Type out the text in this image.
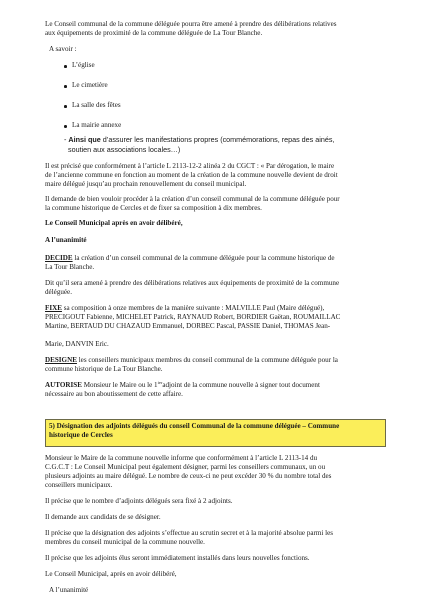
Le Conseil communal de la commune déléguée pourra être amené à prendre des délibérations relatives
aux équipements de proximité de la commune déléguée de La Tour Blanche.
A savoir :
L’église
Le cimetière
La salle des fêtes
La mairie annexe
- Ainsi que d’assurer les manifestations propres (commémorations, repas des ainés,
soutien aux associations locales…)
Il est précisé que conformément à l’article L 2113-12-2 alinéa 2 du CGCT : « Par dérogation, le maire
de l’ancienne commune en fonction au moment de la création de la commune nouvelle devient de droit
maire délégué jusqu’au prochain renouvellement du conseil municipal.
Il demande de bien vouloir procéder à la création d’un conseil communal de la commune déléguée pour
la commune historique de Cercles et de fixer sa composition à dix membres.
Le Conseil Municipal après en avoir délibéré,
A l’unanimité
DECIDE la création d’un conseil communal de la commune déléguée pour la commune historique de
La Tour Blanche.
Dit qu’il sera amené à prendre des délibérations relatives aux équipements de proximité de la commune
déléguée.
FIXE sa composition à onze membres de la manière suivante : MALVILLE Paul (Maire délégué),
PRECIGOUT Fabienne, MICHELET Patrick, RAYNAUD Robert, BORDIER Gaëtan, ROUMAILLAC
Martine, BERTAUD DU CHAZAUD Emmanuel, DORBEC Pascal, PASSIE Daniel, THOMAS Jean-
5) Désignation des adjoints délégués du conseil Communal de la commune déléguée – Commune
historique de Cercles
Marie, DANVIN Eric.
DESIGNE les conseillers municipaux membres du conseil communal de la commune déléguée pour la
commune historique de La Tour Blanche.
AUTORISE Monsieur le Maire ou le $1^{ier}adjoint$ de la commune nouvelle à signer tout document
nécessaire au bon aboutissement de cette affaire.
Monsieur le Maire de la commune nouvelle informe que conformément à l’article L 2113-14 du
C.G.C.T : Le Conseil Municipal peut également désigner, parmi les conseillers communaux, un ou
plusieurs adjoints au maire délégué. Le nombre de ceux-ci ne peut excéder 30 % du nombre total des
conseillers municipaux.
Il précise que le nombre d’adjoints délégués sera fixé à 2 adjoints.
Il demande aux candidats de se désigner.
Il précise que la désignation des adjoints s’effectue au scrutin secret et à la majorité absolue parmi les
membres du conseil municipal de la commune nouvelle.
Il précise que les adjoints élus seront immédiatement installés dans leurs nouvelles fonctions.
Le Conseil Municipal, après en avoir délibéré,
A l’unanimité
